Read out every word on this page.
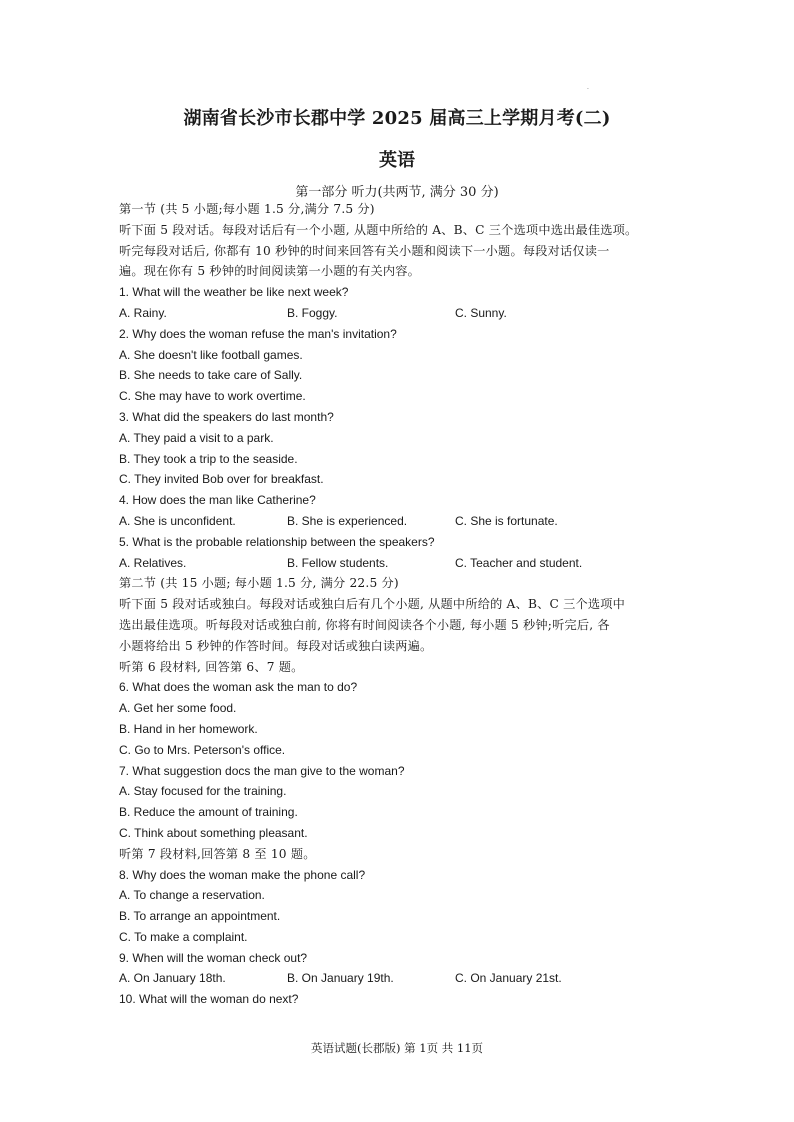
.
湖南省长沙市长郡中学 2025 届高三上学期月考(二)
英语
第一部分 听力(共两节, 满分 30 分)
第一节 (共 5 小题;每小题 1.5 分,满分 7.5 分)
听下面 5 段对话。每段对话后有一个小题, 从题中所给的 A、B、C 三个选项中选出最佳选项。
听完每段对话后, 你都有 10 秒钟的时间来回答有关小题和阅读下一小题。每段对话仅读一
遍。现在你有 5 秒钟的时间阅读第一小题的有关内容。
1. What will the weather be like next week?
A. Rainy.	B. Foggy.	C. Sunny.
2. Why does the woman refuse the man's invitation?
A. She doesn't like football games.
B. She needs to take care of Sally.
C. She may have to work overtime.
3. What did the speakers do last month?
A. They paid a visit to a park.
B. They took a trip to the seaside.
C. They invited Bob over for breakfast.
4. How does the man like Catherine?
A. She is unconfident.	B. She is experienced.	C. She is fortunate.
5. What is the probable relationship between the speakers?
A. Relatives.	B. Fellow students.	C. Teacher and student.
第二节 (共 15 小题; 每小题 1.5 分, 满分 22.5 分)
听下面 5 段对话或独白。每段对话或独白后有几个小题, 从题中所给的 A、B、C 三个选项中
选出最佳选项。听每段对话或独白前, 你将有时间阅读各个小题, 每小题 5 秒钟;听完后, 各
小题将给出 5 秒钟的作答时间。每段对话或独白读两遍。
听第 6 段材料, 回答第 6、7 题。
6. What does the woman ask the man to do?
A. Get her some food.
B. Hand in her homework.
C. Go to Mrs. Peterson's office.
7. What suggestion docs the man give to the woman?
A. Stay focused for the training.
B. Reduce the amount of training.
C. Think about something pleasant.
听第 7 段材料,回答第 8 至 10 题。
8. Why does the woman make the phone call?
A. To change a reservation.
B. To arrange an appointment.
C. To make a complaint.
9. When will the woman check out?
A. On January 18th.	B. On January 19th.	C. On January 21st.
10. What will the woman do next?
英语试题(长郡版) 第 1页 共 11页
